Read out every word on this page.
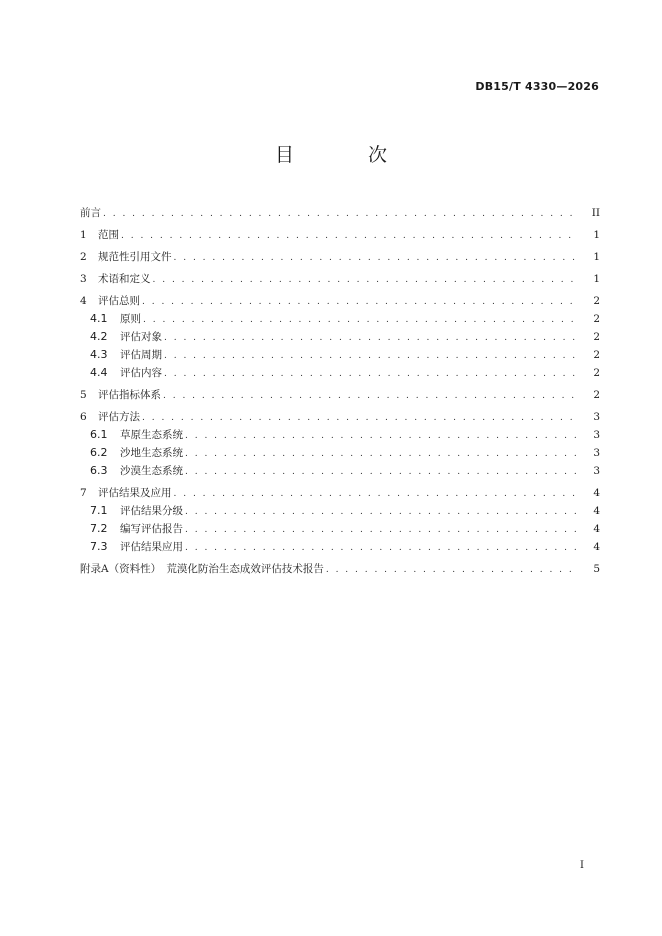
DB15/T 4330—2026
目 次
前言 . . .	II
1	范围 . . .	1
2	规范性引用文件 . . .	1
3	术语和定义 . . .	1
4	评估总则 . . .	2
4.1	原则 . . .	2
4.2	评估对象 . . .	2
4.3	评估周期 . . .	2
4.4	评估内容 . . .	2
5	评估指标体系 . . .	2
6	评估方法 . . .	3
6.1	草原生态系统 . . .	3
6.2	沙地生态系统 . . .	3
6.3	沙漠生态系统 . . .	3
7	评估结果及应用 . . .	4
7.1	评估结果分级 . . .	4
7.2	编写评估报告 . . .	4
7.3	评估结果应用 . . .	4
附录A（资料性）　荒漠化防治生态成效评估技术报告 . . .	5
I
